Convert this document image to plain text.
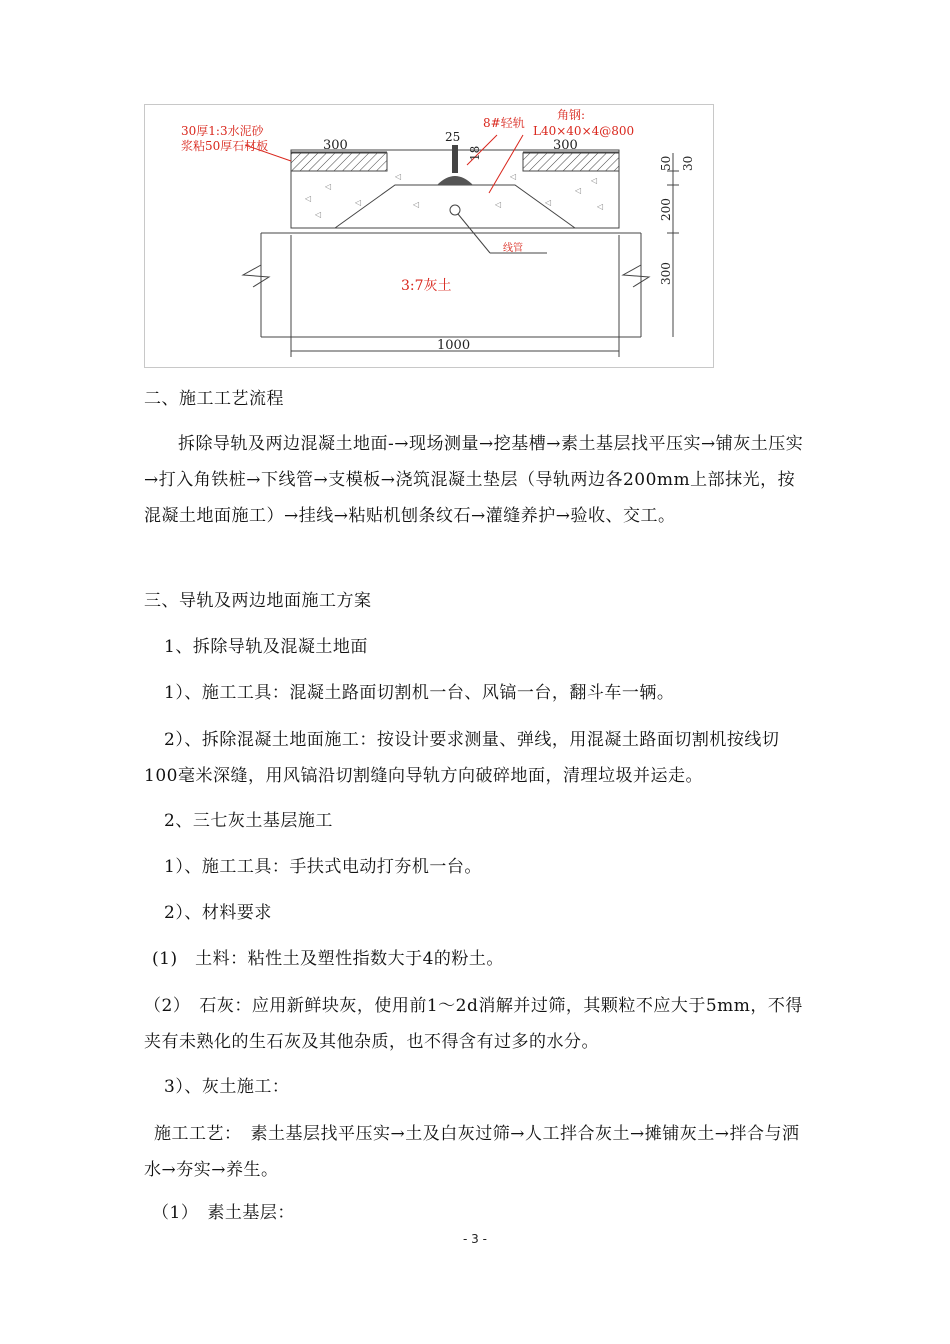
◁
◁
◁
◁
◁	◁
◁
◁
◁
◁
◁
◁
30厚1:3水泥砂
浆粘50厚石材板
8#轻轨
角钢:
L40×40×4@800
300	300
25
18
50 30
200
300
1000
线管
3:7灰土

二、施工工艺流程

拆除导轨及两边混凝土地面-→现场测量→挖基槽→素土基层找平压实→铺灰土压实→打入角铁桩→下线管→支模板→浇筑混凝土垫层（导轨两边各200mm上部抹光，按混凝土地面施工）→挂线→粘贴机刨条纹石→灌缝养护→验收、交工。

三、导轨及两边地面施工方案

1、拆除导轨及混凝土地面

1）、施工工具：混凝土路面切割机一台、风镐一台，翻斗车一辆。

2）、拆除混凝土地面施工：按设计要求测量、弹线，用混凝土路面切割机按线切100毫米深缝，用风镐沿切割缝向导轨方向破碎地面，清理垃圾并运走。

2、三七灰土基层施工

1）、施工工具：手扶式电动打夯机一台。

2）、材料要求

(1)　土料：粘性土及塑性指数大于4的粉土。

（2）　石灰：应用新鲜块灰，使用前1～2d消解并过筛，其颗粒不应大于5mm，不得夹有未熟化的生石灰及其他杂质，也不得含有过多的水分。

3）、灰土施工：

施工工艺：　素土基层找平压实→土及白灰过筛→人工拌合灰土→摊铺灰土→拌合与洒水→夯实→养生。

（1）　素土基层：

- 3 -
